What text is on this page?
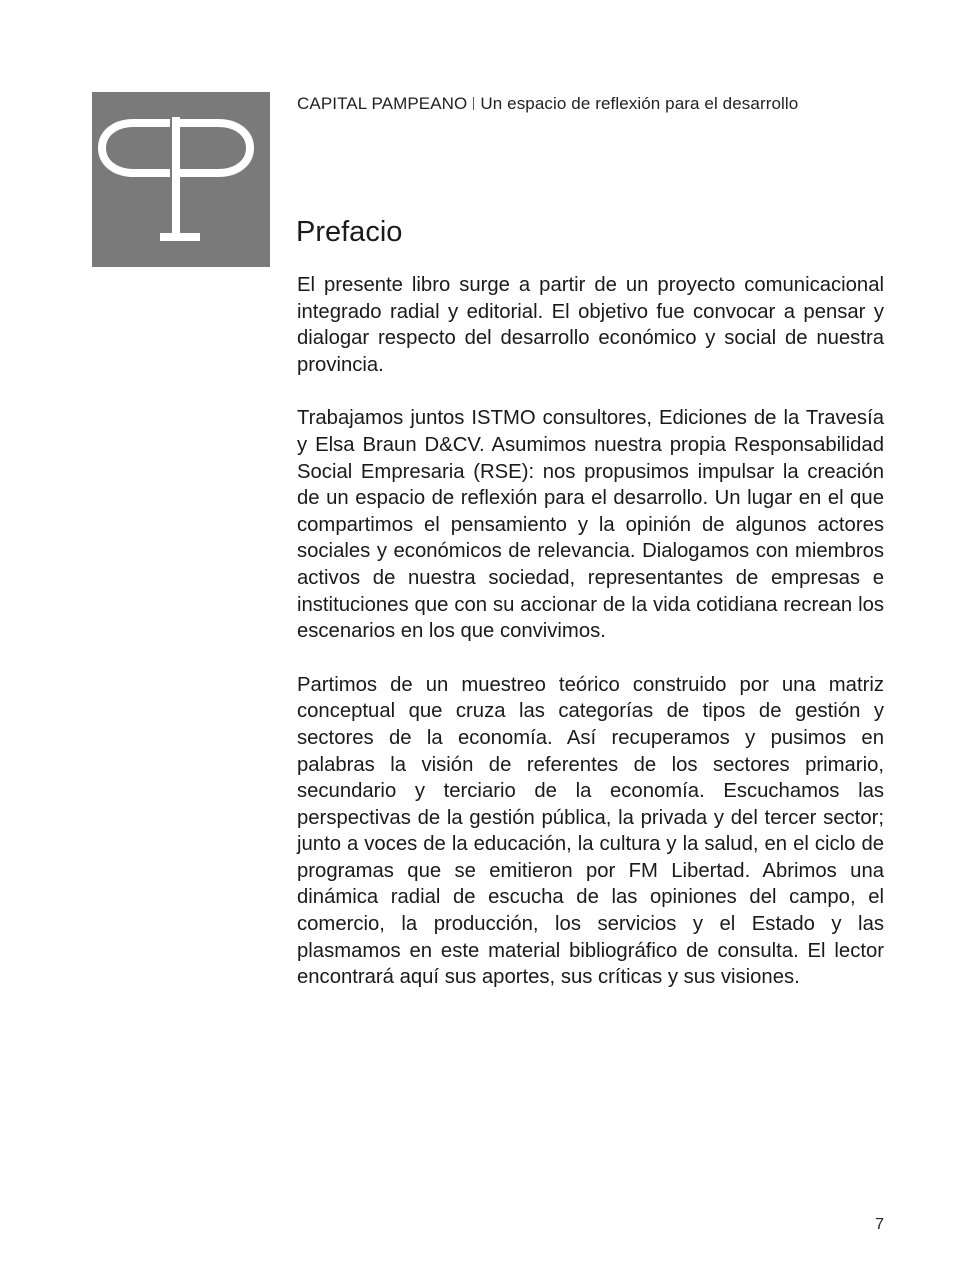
CAPITAL PAMPEANO Un espacio de reflexión para el desarrollo
Prefacio

El presente libro surge a partir de un proyecto comunicacional integrado radial y editorial. El objetivo fue convocar a pensar y dialogar respecto del desarrollo económico y social de nuestra provincia.

Trabajamos juntos ISTMO consultores, Ediciones de la Travesía y Elsa Braun D&CV. Asumimos nuestra propia Responsabilidad Social Empresaria (RSE): nos propusimos impulsar la creación de un espacio de reflexión para el desarrollo. Un lugar en el que compartimos el pensamiento y la opinión de algunos actores sociales y económicos de relevancia. Dialogamos con miembros activos de nuestra sociedad, representantes de empresas e instituciones que con su accionar de la vida cotidiana recrean los escenarios en los que convivimos.

Partimos de un muestreo teórico construido por una matriz conceptual que cruza las categorías de tipos de gestión y sectores de la economía. Así recuperamos y pusimos en palabras la visión de referentes de los sectores primario, secundario y terciario de la economía. Escuchamos las perspectivas de la gestión pública, la privada y del tercer sector; junto a voces de la educación, la cultura y la salud, en el ciclo de programas que se emitieron por FM Libertad. Abrimos una dinámica radial de escucha de las opiniones del campo, el comercio, la producción, los servicios y el Estado y las plasmamos en este material bibliográfico de consulta. El lector encontrará aquí sus aportes, sus críticas y sus visiones.

7
